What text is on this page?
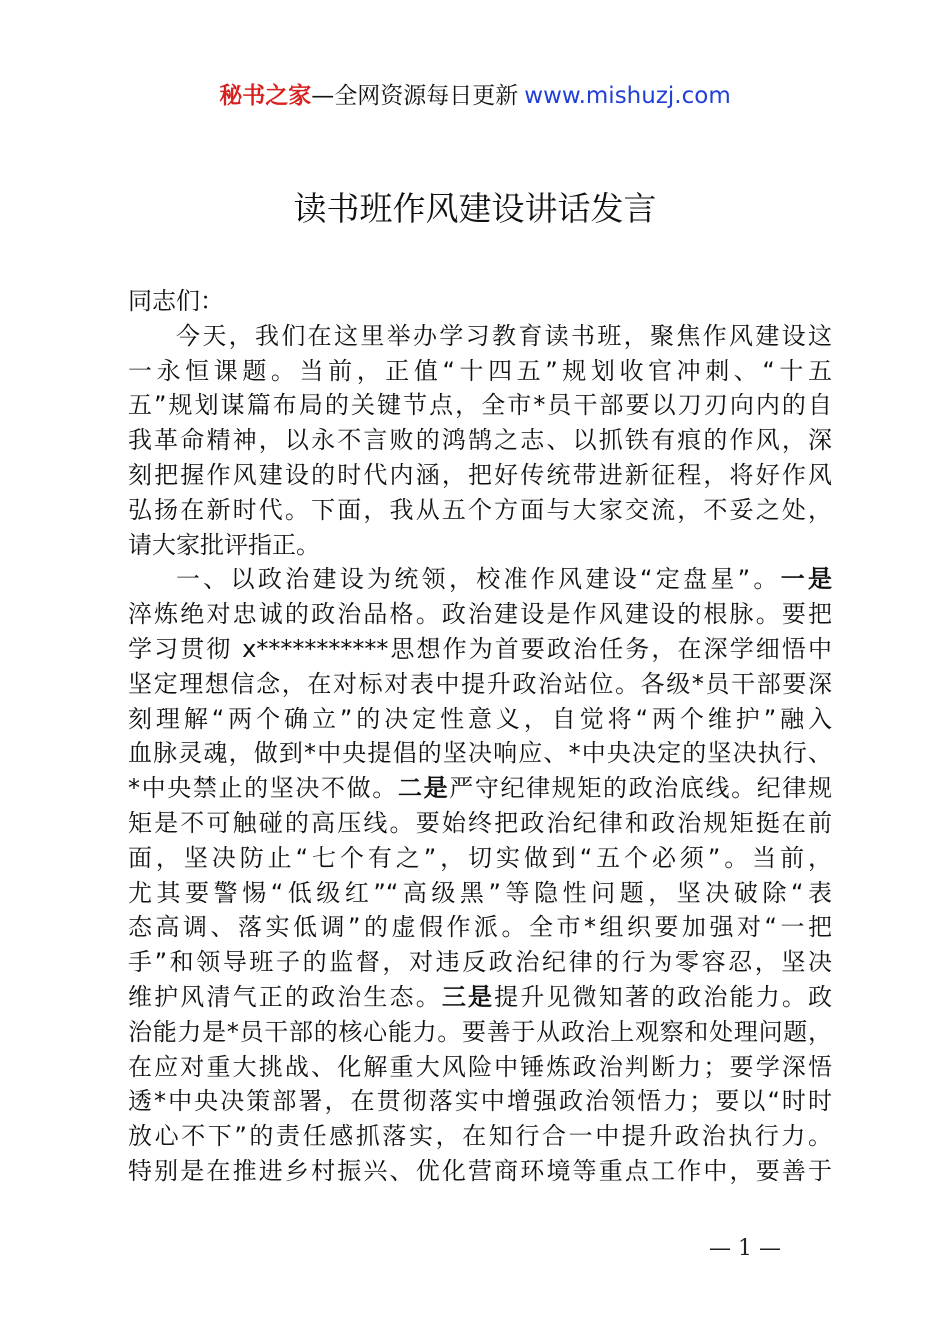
秘书之家—全网资源每日更新 www.mishuzj.com
读书班作风建设讲话发言
同志们：
今天，我们在这里举办学习教育读书班，聚焦作风建设这
一永恒课题。当前，正值“十四五”规划收官冲刺、“十五
五”规划谋篇布局的关键节点，全市*员干部要以刀刃向内的自
我革命精神，以永不言败的鸿鹄之志、以抓铁有痕的作风，深
刻把握作风建设的时代内涵，把好传统带进新征程，将好作风
弘扬在新时代。下面，我从五个方面与大家交流，不妥之处，
请大家批评指正。
一、以政治建设为统领，校准作风建设“定盘星”。一是
淬炼绝对忠诚的政治品格。政治建设是作风建设的根脉。要把
学习贯彻 x***********思想作为首要政治任务，在深学细悟中
坚定理想信念，在对标对表中提升政治站位。各级*员干部要深
刻理解“两个确立”的决定性意义，自觉将“两个维护”融入
血脉灵魂，做到*中央提倡的坚决响应、*中央决定的坚决执行、
*中央禁止的坚决不做。二是严守纪律规矩的政治底线。纪律规
矩是不可触碰的高压线。要始终把政治纪律和政治规矩挺在前
面，坚决防止“七个有之”，切实做到“五个必须”。当前，
尤其要警惕“低级红”“高级黑”等隐性问题，坚决破除“表
态高调、落实低调”的虚假作派。全市*组织要加强对“一把
手”和领导班子的监督，对违反政治纪律的行为零容忍，坚决
维护风清气正的政治生态。三是提升见微知著的政治能力。政
治能力是*员干部的核心能力。要善于从政治上观察和处理问题，
在应对重大挑战、化解重大风险中锤炼政治判断力；要学深悟
透*中央决策部署，在贯彻落实中增强政治领悟力；要以“时时
放心不下”的责任感抓落实，在知行合一中提升政治执行力。
特别是在推进乡村振兴、优化营商环境等重点工作中，要善于
— 1 —
